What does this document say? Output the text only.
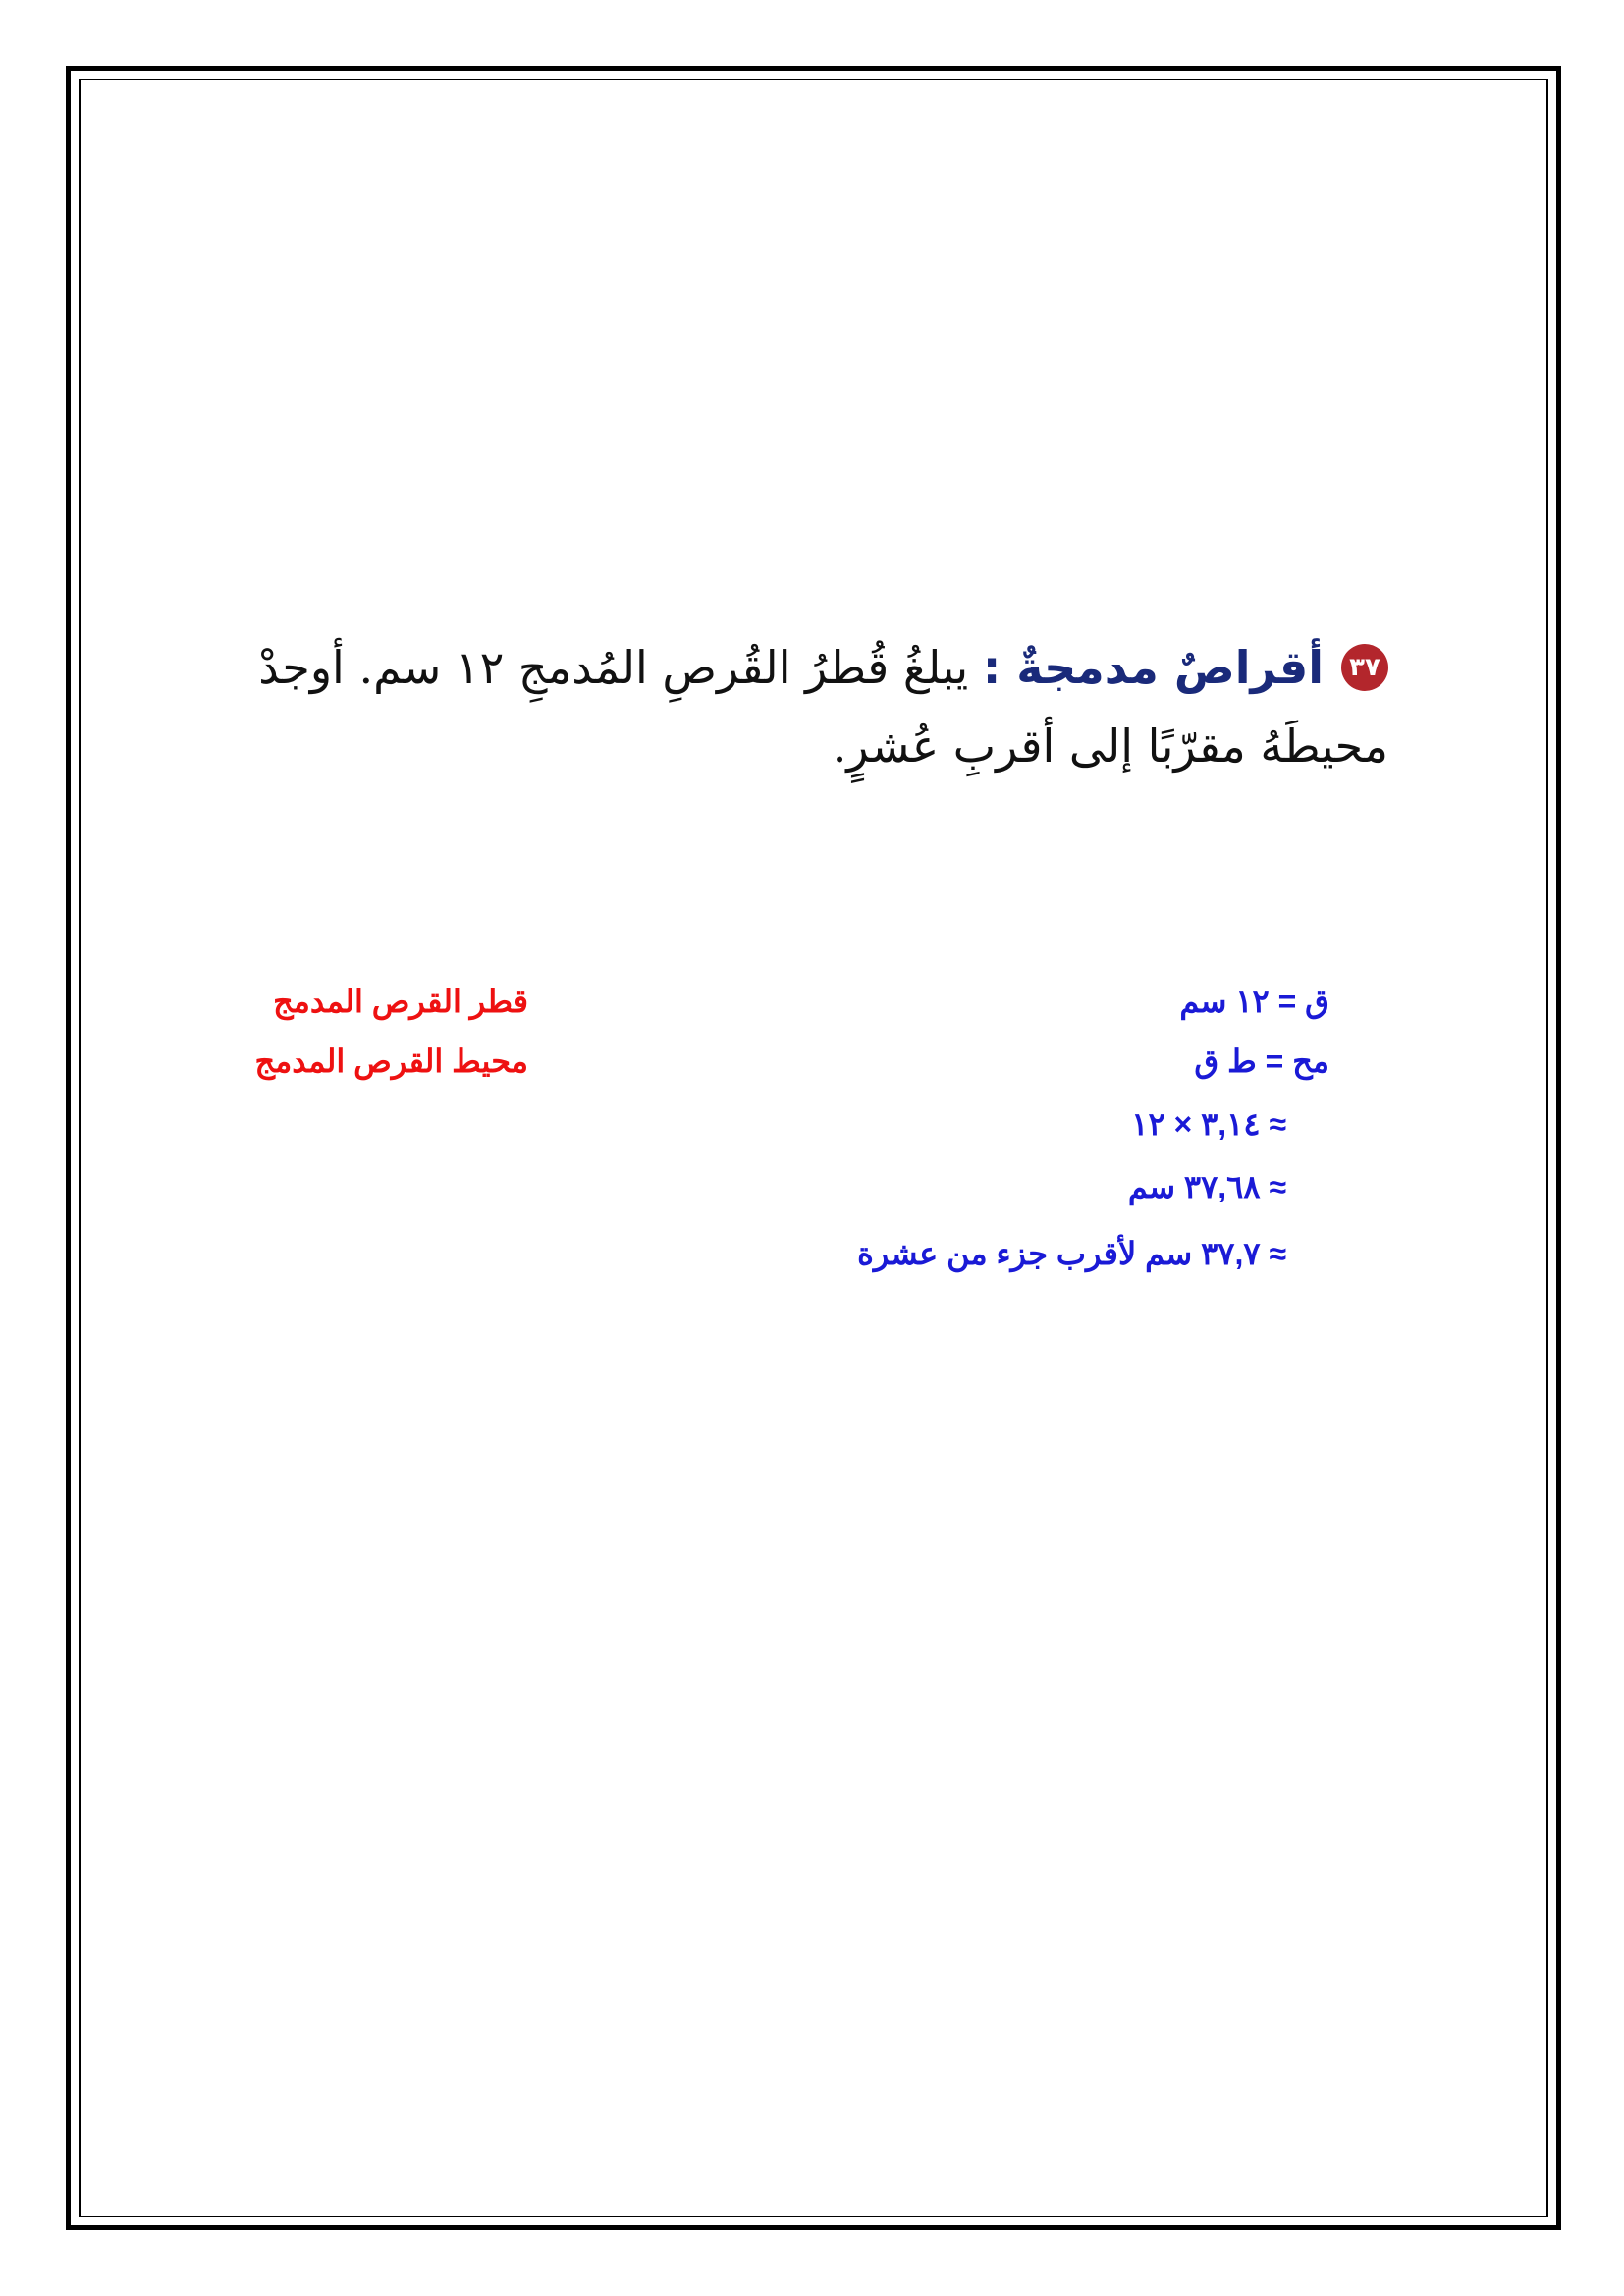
٣٧أقراصٌ مدمجةٌ : يبلغُ قُطرُ القُرصِ المُدمجِ ١٢ سم. أوجدْ محيطَهُ مقرّبًا إلى أقربِ عُشرٍ.
ق = ١٢ سم
مح = ط ق
≈ ٣,١٤ × ١٢
≈ ٣٧,٦٨ سم
≈ ٣٧,٧ سم لأقرب جزء من عشرة
قطر القرص المدمج
محيط القرص المدمج
